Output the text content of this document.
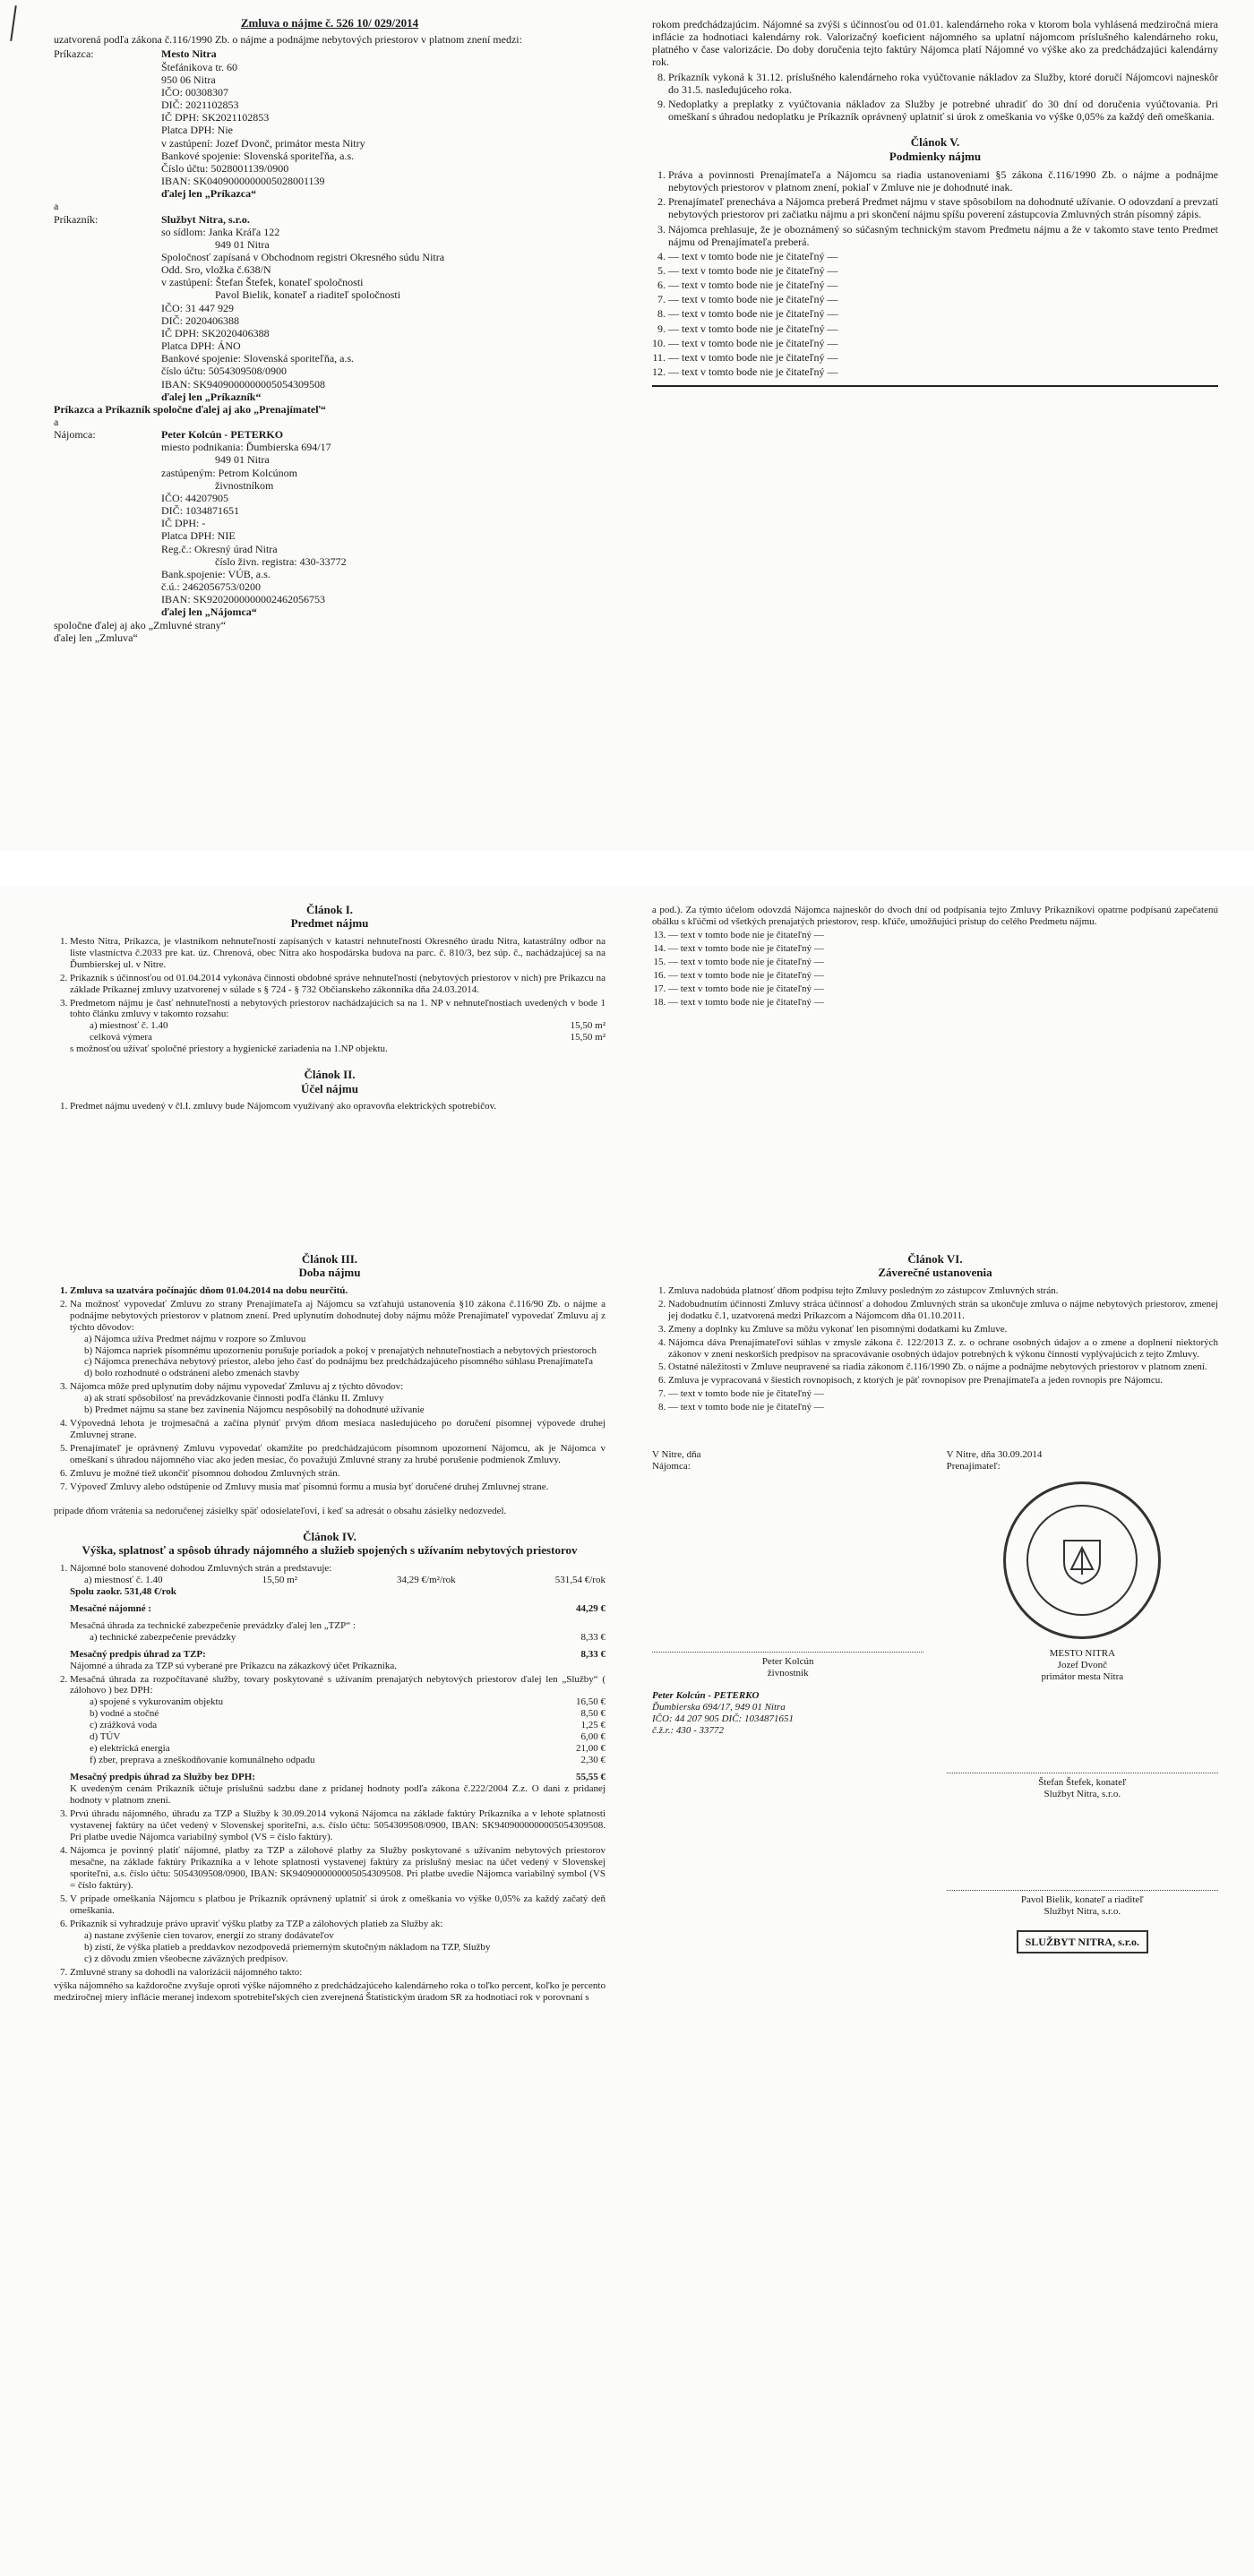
Zmluva o nájme č. 526 10/ 029/2014
uzatvorená podľa zákona č.116/1990 Zb. o nájme a podnájme nebytových priestorov v platnom znení medzi:
Príkazca:	Mesto Nitra
Štefánikova tr. 60
950 06 Nitra
IČO: 00308307
DIČ: 2021102853
IČ DPH: SK2021102853
Platca DPH: Nie
v zastúpení: Jozef Dvonč, primátor mesta Nitry
Bankové spojenie: Slovenská sporiteľňa, a.s.
Číslo účtu: 5028001139/0900
IBAN: SK0409000000005028001139
ďalej len „Príkazca“
a
Príkazník:	Službyt Nitra, s.r.o.
so sídlom: Janka Kráľa 122
949 01 Nitra
Spoločnosť zapísaná v Obchodnom registri Okresného súdu Nitra
Odd. Sro, vložka č.638/N
v zastúpení: Štefan Štefek, konateľ spoločnosti
Pavol Bielik, konateľ a riaditeľ spoločnosti
IČO: 31 447 929
DIČ: 2020406388
IČ DPH: SK2020406388
Platca DPH: ÁNO
Bankové spojenie: Slovenská sporiteľňa, a.s.
číslo účtu: 5054309508/0900
IBAN: SK9409000000005054309508
ďalej len „Príkazník“
Príkazca a Príkazník spoločne ďalej aj ako „Prenajímateľ“
a
Nájomca:	Peter Kolcún - PETERKO
miesto podnikania: Ďumbierska 694/17
949 01 Nitra
zastúpeným: Petrom Kolcúnom
živnostníkom
IČO: 44207905
DIČ: 1034871651
IČ DPH: -
Platca DPH: NIE
Reg.č.: Okresný úrad Nitra
číslo živn. registra: 430-33772
Bank.spojenie: VÚB, a.s.
č.ú.: 2462056753/0200
IBAN: SK9202000000002462056753
ďalej len „Nájomca“
spoločne ďalej aj ako „Zmluvné strany“
ďalej len „Zmluva“
rokom predchádzajúcim. Nájomné sa zvýši s účinnosťou od 01.01. kalendárneho roka v ktorom bola vyhlásená medziročná miera inflácie za hodnotiaci kalendárny rok. Valorizačný koeficient nájomného sa uplatní nájomcom príslušného kalendárneho roku, platného v čase valorizácie. Do doby doručenia tejto faktúry Nájomca platí Nájomné vo výške ako za predchádzajúci kalendárny rok.
8. Príkazník vykoná k 31.12. príslušného kalendárneho roka vyúčtovanie nákladov za Služby, ktoré doručí Nájomcovi najneskôr do 31.5. nasledujúceho roka.
9. Nedoplatky a preplatky z vyúčtovania nákladov za Služby je potrebné uhradiť do 30 dní od doručenia vyúčtovania. Pri omeškaní s úhradou nedoplatku je Príkazník oprávnený uplatniť si úrok z omeškania vo výške 0,05% za každý deň omeškania.
Článok V.
Podmienky nájmu
1. Práva a povinnosti Prenajímateľa a Nájomcu sa riadia ustanoveniami §5 zákona č.116/1990 Zb. o nájme a podnájme nebytových priestorov v platnom znení, pokiaľ v Zmluve nie je dohodnuté inak.
2. Prenajímateľ prenecháva a Nájomca preberá Predmet nájmu v stave spôsobilom na dohodnuté užívanie. O odovzdaní a prevzatí nebytových priestorov pri začiatku nájmu a pri skončení nájmu spíšu poverení zástupcovia Zmluvných strán písomný zápis.
3. Nájomca prehlasuje, že je oboznámený so súčasným technickým stavom Predmetu nájmu a že v takomto stave tento Predmet nájmu od Prenajímateľa preberá.
4. — text v tomto bode nie je čitateľný —
5. — text v tomto bode nie je čitateľný —
6. — text v tomto bode nie je čitateľný —
7. — text v tomto bode nie je čitateľný —
8. — text v tomto bode nie je čitateľný —
9. — text v tomto bode nie je čitateľný —
10. — text v tomto bode nie je čitateľný —
11. — text v tomto bode nie je čitateľný —
12. — text v tomto bode nie je čitateľný —
Článok I.
Predmet nájmu
1. Mesto Nitra, Príkazca, je vlastníkom nehnuteľností zapísaných v katastri nehnuteľností Okresného úradu Nitra, katastrálny odbor na liste vlastníctva č.2033 pre kat. úz. Chrenová, obec Nitra ako hospodárska budova na parc. č. 810/3, bez súp. č., nachádzajúcej sa na Ďumbierskej ul. v Nitre.
2. Príkazník s účinnosťou od 01.04.2014 vykonáva činnosti obdobné správe nehnuteľností (nebytových priestorov v nich) pre Príkazcu na základe Príkaznej zmluvy uzatvorenej v súlade s § 724 - § 732 Občianskeho zákonníka dňa 24.03.2014.
3. Predmetom nájmu je časť nehnuteľnosti a nebytových priestorov nachádzajúcich sa na 1. NP v nehnuteľnostiach uvedených v bode 1 tohto článku zmluvy v takomto rozsahu:
a) miestnosť č. 1.40	15,50 m²
celková výmera	15,50 m²
s možnosťou užívať spoločné priestory a hygienické zariadenia na 1.NP objektu.
Článok II.
Účel nájmu
1. Predmet nájmu uvedený v čl.I. zmluvy bude Nájomcom využívaný ako opravovňa elektrických spotrebičov.
a pod.). Za týmto účelom odovzdá Nájomca najneskôr do dvoch dní od podpísania tejto Zmluvy Príkazníkovi opatrne podpísanú zapečatenú obálku s kľúčmi od všetkých prenajatých priestorov, resp. kľúče, umožňujúci prístup do celého Predmetu nájmu.
13. — text v tomto bode nie je čitateľný —
14. — text v tomto bode nie je čitateľný —
15. — text v tomto bode nie je čitateľný —
16. — text v tomto bode nie je čitateľný —
17. — text v tomto bode nie je čitateľný —
18. — text v tomto bode nie je čitateľný —
Článok III.
Doba nájmu
1. Zmluva sa uzatvára počínajúc dňom 01.04.2014 na dobu neurčitú.
2. Na možnosť vypovedať Zmluvu zo strany Prenajímateľa aj Nájomcu sa vzťahujú ustanovenia §10 zákona č.116/90 Zb. o nájme a podnájme nebytových priestorov v platnom znení. Pred uplynutím dohodnutej doby nájmu môže Prenajímateľ vypovedať Zmluvu aj z týchto dôvodov:
a) Nájomca užíva Predmet nájmu v rozpore so Zmluvou
b) Nájomca napriek písomnému upozorneniu porušuje poriadok a pokoj v prenajatých nehnuteľnostiach a nebytových priestoroch
c) Nájomca prenecháva nebytový priestor, alebo jeho časť do podnájmu bez predchádzajúceho písomného súhlasu Prenajímateľa
d) bolo rozhodnuté o odstránení alebo zmenách stavby
3. Nájomca môže pred uplynutím doby nájmu vypovedať Zmluvu aj z týchto dôvodov:
a) ak stratí spôsobilosť na prevádzkovanie činnosti podľa článku II. Zmluvy
b) Predmet nájmu sa stane bez zavinenia Nájomcu nespôsobilý na dohodnuté užívanie
4. Výpovedná lehota je trojmesačná a začína plynúť prvým dňom mesiaca nasledujúceho po doručení písomnej výpovede druhej Zmluvnej strane.
5. Prenajímateľ je oprávnený Zmluvu vypovedať okamžite po predchádzajúcom písomnom upozornení Nájomcu, ak je Nájomca v omeškaní s úhradou nájomného viac ako jeden mesiac, čo považujú Zmluvné strany za hrubé porušenie podmienok Zmluvy.
6. Zmluvu je možné tiež ukončiť písomnou dohodou Zmluvných strán.
7. Výpoveď Zmluvy alebo odstúpenie od Zmluvy musia mať písomnú formu a musia byť doručené druhej Zmluvnej strane.
prípade dňom vrátenia sa nedoručenej zásielky späť odosielateľovi, i keď sa adresát o obsahu zásielky nedozvedel.
Článok IV.
Výška, splatnosť a spôsob úhrady nájomného a služieb spojených s užívaním nebytových priestorov
1. Nájomné bolo stanovené dohodou Zmluvných strán a predstavuje:
a) miestnosť č. 1.40	15,50 m²	34,29 €/m²/rok	531,54 €/rok
Spolu zaokr. 531,48 €/rok
Mesačné nájomné :	44,29 €
Mesačná úhrada za technické zabezpečenie prevádzky ďalej len „TZP“ :
a) technické zabezpečenie prevádzky	8,33 €
Mesačný predpis úhrad za TZP:	8,33 €
Nájomné a úhrada za TZP sú vyberané pre Príkazcu na zákazkový účet Príkazníka.
2. Mesačná úhrada za rozpočítavané služby, tovary poskytované s užívaním prenajatých nebytových priestorov ďalej len „Služby“ ( zálohovo ) bez DPH:
a) spojené s vykurovaním objektu	16,50 €
b) vodné a stočné	8,50 €
c) zrážková voda	1,25 €
d) TÚV	6,00 €
e) elektrická energia	21,00 €
f) zber, preprava a zneškodňovanie komunálneho odpadu	2,30 €
Mesačný predpis úhrad za Služby bez DPH:	55,55 €
K uvedeným cenám Príkazník účtuje príslušnú sadzbu dane z pridanej hodnoty podľa zákona č.222/2004 Z.z. O dani z pridanej hodnoty v platnom znení.
3. Prvú úhradu nájomného, úhradu za TZP a Služby k 30.09.2014 vykoná Nájomca na základe faktúry Príkazníka a v lehote splatnosti vystavenej faktúry na účet vedený v Slovenskej sporiteľni, a.s. číslo účtu: 5054309508/0900, IBAN: SK9409000000005054309508. Pri platbe uvedie Nájomca variabilný symbol (VS = číslo faktúry).
4. Nájomca je povinný platiť nájomné, platby za TZP a zálohové platby za Služby poskytované s užívaním nebytových priestorov mesačne, na základe faktúry Príkazníka a v lehote splatnosti vystavenej faktúry za príslušný mesiac na účet vedený v Slovenskej sporiteľni, a.s. číslo účtu: 5054309508/0900, IBAN: SK9409000000005054309508. Pri platbe uvedie Nájomca variabilný symbol (VS = číslo faktúry).
5. V prípade omeškania Nájomcu s platbou je Príkazník oprávnený uplatniť si úrok z omeškania vo výške 0,05% za každý začatý deň omeškania.
6. Príkazník si vyhradzuje právo upraviť výšku platby za TZP a zálohových platieb za Služby ak:
a) nastane zvýšenie cien tovarov, energií zo strany dodávateľov
b) zistí, že výška platieb a preddavkov nezodpovedá priemerným skutočným nákladom na TZP, Služby
c) z dôvodu zmien všeobecne záväzných predpisov.
7. Zmluvné strany sa dohodli na valorizácii nájomného takto:
výška nájomného sa každoročne zvyšuje oproti výške nájomného z predchádzajúceho kalendárneho roka o toľko percent, koľko je percento medziročnej miery inflácie meranej indexom spotrebiteľských cien zverejnená Štatistickým úradom SR za hodnotiaci rok v porovnaní s
Článok VI.
Záverečné ustanovenia
1. Zmluva nadobúda platnosť dňom podpisu tejto Zmluvy posledným zo zástupcov Zmluvných strán.
2. Nadobudnutím účinnosti Zmluvy stráca účinnosť a dohodou Zmluvných strán sa ukončuje zmluva o nájme nebytových priestorov, zmenej jej dodatku č.1, uzatvorená medzi Príkazcom a Nájomcom dňa 01.10.2011.
3. Zmeny a doplnky ku Zmluve sa môžu vykonať len písomnými dodatkami ku Zmluve.
4. Nájomca dáva Prenajímateľovi súhlas v zmysle zákona č. 122/2013 Z. z. o ochrane osobných údajov a o zmene a doplnení niektorých zákonov v znení neskorších predpisov na spracovávanie osobných údajov potrebných k výkonu činností vyplývajúcich z tejto Zmluvy.
5. Ostatné náležitosti v Zmluve neupravené sa riadia zákonom č.116/1990 Zb. o nájme a podnájme nebytových priestorov v platnom znení.
6. Zmluva je vypracovaná v šiestich rovnopisoch, z ktorých je päť rovnopisov pre Prenajímateľa a jeden rovnopis pre Nájomcu.
7. — text v tomto bode nie je čitateľný —
8. — text v tomto bode nie je čitateľný —
V Nitre, dňa
Nájomca:
Peter Kolcún
živnostník
Peter Kolcún - PETERKO
Ďumbierska 694/17, 949 01 Nitra
IČO: 44 207 905 DIČ: 1034871651
č.ž.r.: 430 - 33772
V Nitre, dňa 30.09.2014
Prenajímateľ:
MESTO NITRA
Jozef Dvonč
primátor mesta Nitra
Štefan Štefek, konateľ
Službyt Nitra, s.r.o.
Pavol Bielik, konateľ a riaditeľ
Službyt Nitra, s.r.o.
SLUŽBYT NITRA, s.r.o.
